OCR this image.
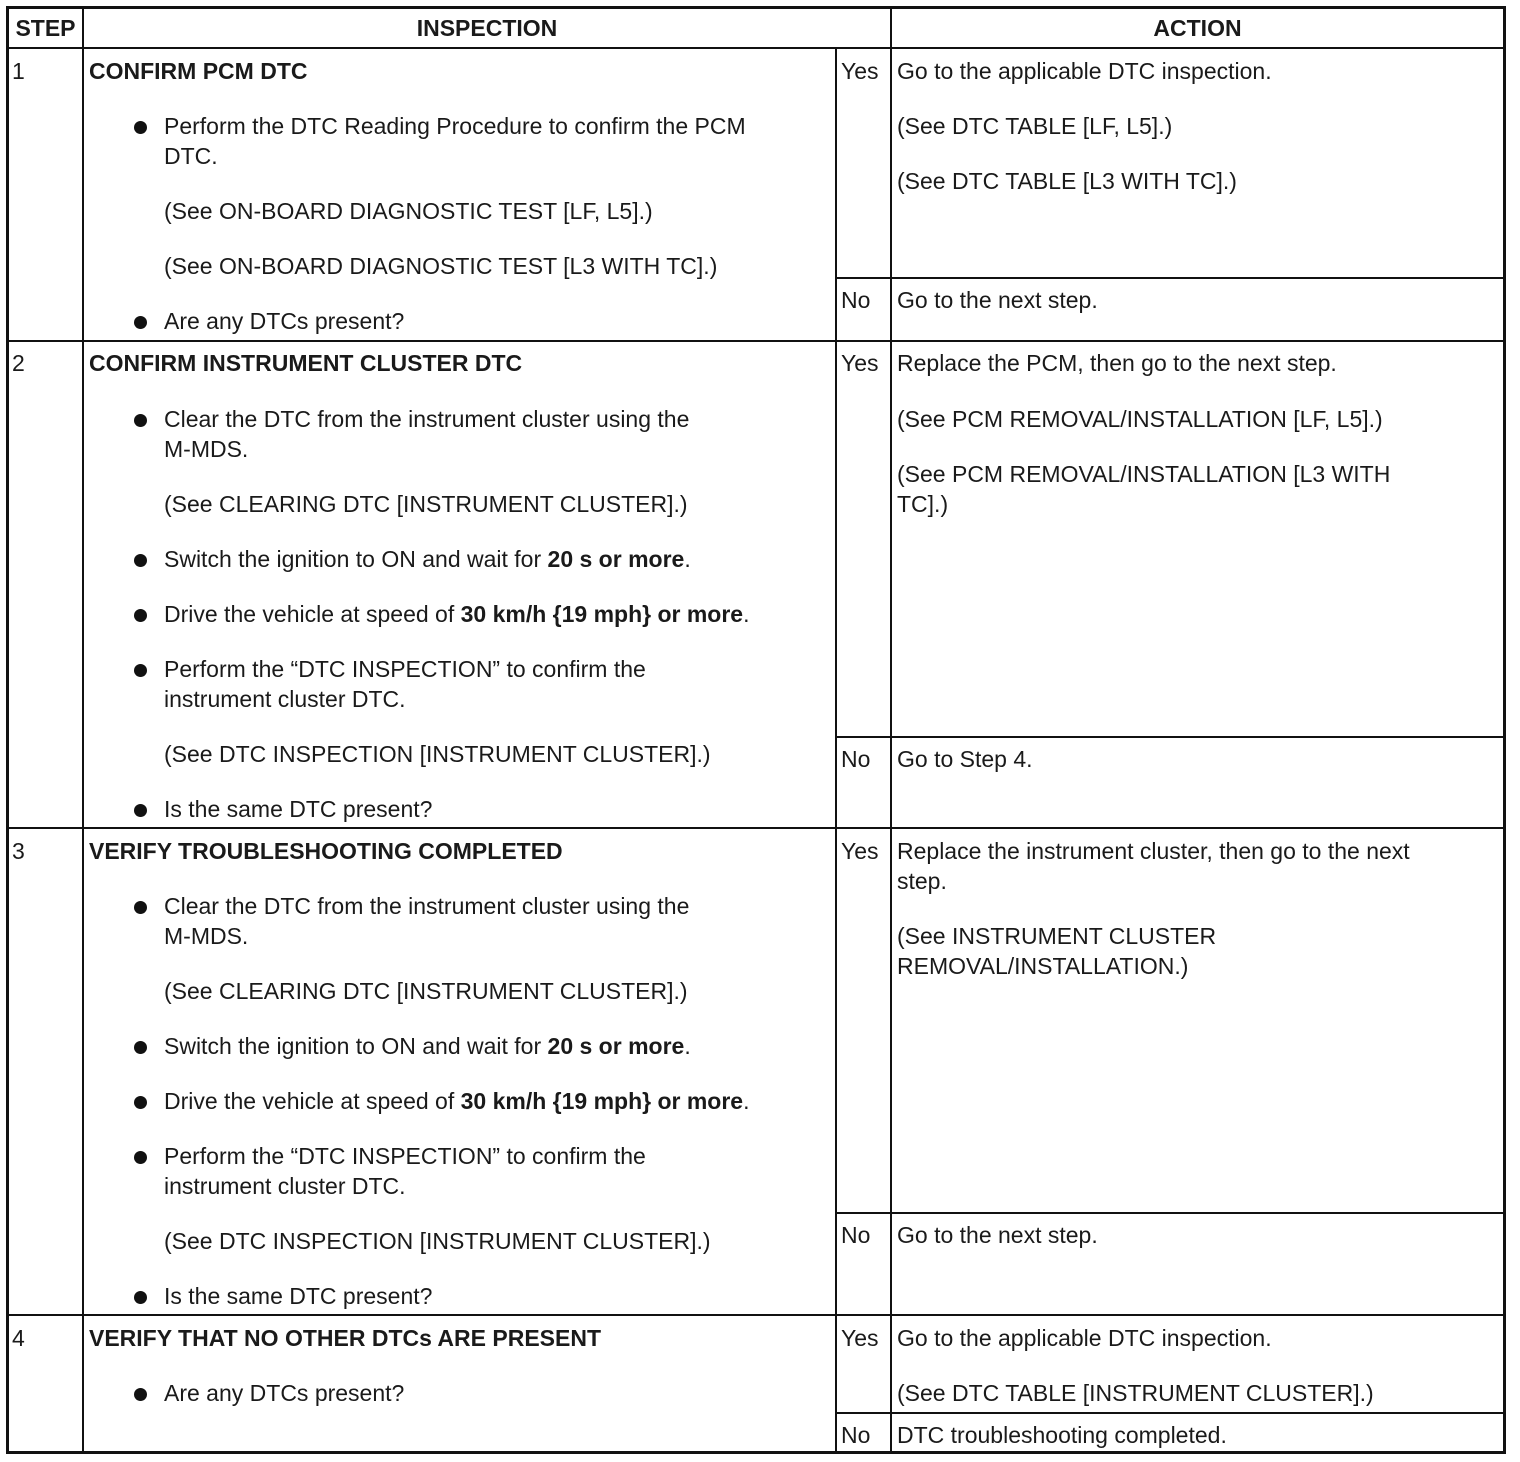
STEP	INSPECTION	ACTION
1	CONFIRM PCM DTC
Perform the DTC Reading Procedure to confirm the PCM
DTC.
(See ON-BOARD DIAGNOSTIC TEST [LF, L5].)
(See ON-BOARD DIAGNOSTIC TEST [L3 WITH TC].)
Are any DTCs present?
Yes Go to the applicable DTC inspection.
(See DTC TABLE [LF, L5].)
(See DTC TABLE [L3 WITH TC].)
No Go to the next step.
2	CONFIRM INSTRUMENT CLUSTER DTC
Clear the DTC from the instrument cluster using the
M-MDS.
(See CLEARING DTC [INSTRUMENT CLUSTER].)
Switch the ignition to ON and wait for 20 s or more.
Drive the vehicle at speed of 30 km/h {19 mph} or more.
Perform the “DTC INSPECTION” to confirm the
instrument cluster DTC.
(See DTC INSPECTION [INSTRUMENT CLUSTER].)
Is the same DTC present?
Yes Replace the PCM, then go to the next step.
(See PCM REMOVAL/INSTALLATION [LF, L5].)
(See PCM REMOVAL/INSTALLATION [L3 WITH
TC].)
No Go to Step 4.
3	VERIFY TROUBLESHOOTING COMPLETED
Clear the DTC from the instrument cluster using the
M-MDS.
(See CLEARING DTC [INSTRUMENT CLUSTER].)
Switch the ignition to ON and wait for 20 s or more.
Drive the vehicle at speed of 30 km/h {19 mph} or more.
Perform the “DTC INSPECTION” to confirm the
instrument cluster DTC.
(See DTC INSPECTION [INSTRUMENT CLUSTER].)
Is the same DTC present?
Yes Replace the instrument cluster, then go to the next
step.
(See INSTRUMENT CLUSTER
REMOVAL/INSTALLATION.)
No Go to the next step.
4	VERIFY THAT NO OTHER DTCs ARE PRESENT
Are any DTCs present?
Yes Go to the applicable DTC inspection.
(See DTC TABLE [INSTRUMENT CLUSTER].)
No DTC troubleshooting completed.
